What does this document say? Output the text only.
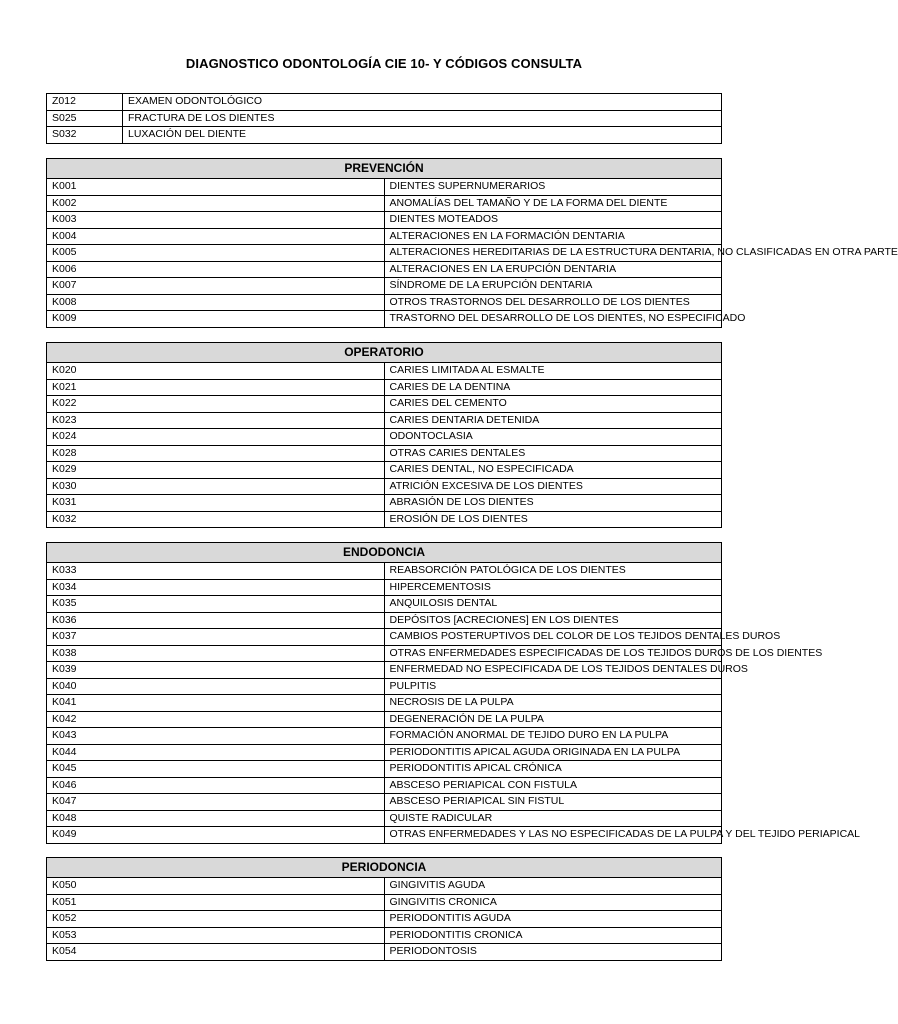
DIAGNOSTICO ODONTOLOGÍA CIE 10- Y CÓDIGOS CONSULTA
Z012	EXAMEN ODONTOLÓGICO
S025	FRACTURA DE LOS DIENTES
S032	LUXACIÓN DEL DIENTE
PREVENCIÓN	
K001	DIENTES SUPERNUMERARIOS
K002	ANOMALÍAS DEL TAMAÑO Y DE LA FORMA DEL DIENTE
K003	DIENTES MOTEADOS
K004	ALTERACIONES EN LA FORMACIÓN DENTARIA
K005	ALTERACIONES HEREDITARIAS DE LA ESTRUCTURA DENTARIA, NO CLASIFICADAS EN OTRA PARTE
K006	ALTERACIONES EN LA ERUPCIÓN DENTARIA
K007	SÍNDROME DE LA ERUPCIÓN DENTARIA
K008	OTROS TRASTORNOS DEL DESARROLLO DE LOS DIENTES
K009	TRASTORNO DEL DESARROLLO DE LOS DIENTES, NO ESPECIFICADO
OPERATORIO	
K020	CARIES LIMITADA AL ESMALTE
K021	CARIES DE LA DENTINA
K022	CARIES DEL CEMENTO
K023	CARIES DENTARIA DETENIDA
K024	ODONTOCLASIA
K028	OTRAS CARIES DENTALES
K029	CARIES DENTAL, NO ESPECIFICADA
K030	ATRICIÓN EXCESIVA DE LOS DIENTES
K031	ABRASIÓN DE LOS DIENTES
K032	EROSIÓN DE LOS DIENTES
ENDODONCIA	
K033	REABSORCIÓN PATOLÓGICA DE LOS DIENTES
K034	HIPERCEMENTOSIS
K035	ANQUILOSIS DENTAL
K036	DEPÓSITOS [ACRECIONES] EN LOS DIENTES
K037	CAMBIOS POSTERUPTIVOS DEL COLOR DE LOS TEJIDOS DENTALES DUROS
K038	OTRAS ENFERMEDADES ESPECIFICADAS DE LOS TEJIDOS DUROS DE LOS DIENTES
K039	ENFERMEDAD NO ESPECIFICADA DE LOS TEJIDOS DENTALES DUROS
K040	PULPITIS
K041	NECROSIS DE LA PULPA
K042	DEGENERACIÓN DE LA PULPA
K043	FORMACIÓN ANORMAL DE TEJIDO DURO EN LA PULPA
K044	PERIODONTITIS APICAL AGUDA ORIGINADA EN LA PULPA
K045	PERIODONTITIS APICAL CRÓNICA
K046	ABSCESO PERIAPICAL CON FISTULA
K047	ABSCESO PERIAPICAL SIN FISTUL
K048	QUISTE RADICULAR
K049	OTRAS ENFERMEDADES Y LAS NO ESPECIFICADAS DE LA PULPA Y DEL TEJIDO PERIAPICAL
PERIODONCIA	
K050	GINGIVITIS AGUDA
K051	GINGIVITIS CRONICA
K052	PERIODONTITIS AGUDA
K053	PERIODONTITIS CRONICA
K054	PERIODONTOSIS
